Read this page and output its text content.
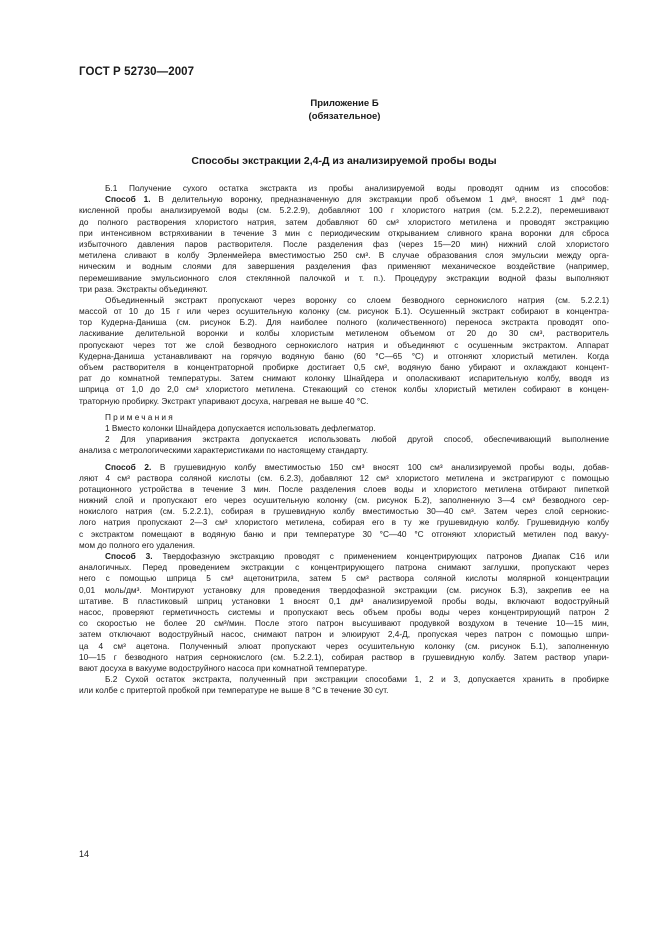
ГОСТ Р 52730—2007
Приложение Б
(обязательное)
Способы экстракции 2,4-Д из анализируемой пробы воды
Б.1 Получение сухого остатка экстракта из пробы анализируемой воды проводят одним из способов:
Способ 1. В делительную воронку, предназначенную для экстракции проб объемом 1 дм³, вносят 1 дм³ под-
кисленной пробы анализируемой воды (см. 5.2.2.9), добавляют 100 г хлористого натрия (см. 5.2.2.2), перемешивают
до полного растворения хлористого натрия, затем добавляют 60 см³ хлористого метилена и проводят экстракцию
при интенсивном встряхивании в течение 3 мин с периодическим открыванием сливного крана воронки для сброса
избыточного давления паров растворителя. После разделения фаз (через 15—20 мин) нижний слой хлористого
метилена сливают в колбу Эрленмейера вместимостью 250 см³. В случае образования слоя эмульсии между орга-
ническим и водным слоями для завершения разделения фаз применяют механическое воздействие (например,
перемешивание эмульсионного слоя стеклянной палочкой и т. п.). Процедуру экстракции водной фазы выполняют
три раза. Экстракты объединяют.
Объединенный экстракт пропускают через воронку со слоем безводного сернокислого натрия (см. 5.2.2.1)
массой от 10 до 15 г или через осушительную колонку (см. рисунок Б.1). Осушенный экстракт собирают в концентра-
тор Кудерна-Даниша (см. рисунок Б.2). Для наиболее полного (количественного) переноса экстракта проводят опо-
ласкивание делительной воронки и колбы хлористым метиленом объемом от 20 до 30 см³, растворитель
пропускают через тот же слой безводного сернокислого натрия и объединяют с осушенным экстрактом. Аппарат
Кудерна-Даниша устанавливают на горячую водяную баню (60 °С—65 °С) и отгоняют хлористый метилен. Когда
объем растворителя в концентраторной пробирке достигает 0,5 см³, водяную баню убирают и охлаждают концент-
рат до комнатной температуры. Затем снимают колонку Шнайдера и ополаскивают испарительную колбу, вводя из
шприца от 1,0 до 2,0 см³ хлористого метилена. Стекающий со стенок колбы хлористый метилен собирают в концен-
траторную пробирку. Экстракт упаривают досуха, нагревая не выше 40 °С.
Примечания
1 Вместо колонки Шнайдера допускается использовать дефлегматор.
2 Для упаривания экстракта допускается использовать любой другой способ, обеспечивающий выполнение
анализа с метрологическими характеристиками по настоящему стандарту.
Способ 2. В грушевидную колбу вместимостью 150 см³ вносят 100 см³ анализируемой пробы воды, добав-
ляют 4 см³ раствора соляной кислоты (см. 6.2.3), добавляют 12 см³ хлористого метилена и экстрагируют с помощью
ротационного устройства в течение 3 мин. После разделения слоев воды и хлористого метилена отбирают пипеткой
нижний слой и пропускают его через осушительную колонку (см. рисунок Б.2), заполненную 3—4 см³ безводного сер-
нокислого натрия (см. 5.2.2.1), собирая в грушевидную колбу вместимостью 30—40 см³. Затем через слой сернокис-
лого натрия пропускают 2—3 см³ хлористого метилена, собирая его в ту же грушевидную колбу. Грушевидную колбу
с экстрактом помещают в водяную баню и при температуре 30 °С—40 °С отгоняют хлористый метилен под вакуу-
мом до полного его удаления.
Способ 3. Твердофазную экстракцию проводят с применением концентрирующих патронов Диапак С16 или
аналогичных. Перед проведением экстракции с концентрирующего патрона снимают заглушки, пропускают через
него с помощью шприца 5 см³ ацетонитрила, затем 5 см³ раствора соляной кислоты молярной концентрации
0,01 моль/дм³. Монтируют установку для проведения твердофазной экстракции (см. рисунок Б.3), закрепив ее на
штативе. В пластиковый шприц установки 1 вносят 0,1 дм³ анализируемой пробы воды, включают водоструйный
насос, проверяют герметичность системы и пропускают весь объем пробы воды через концентрирующий патрон 2
со скоростью не более 20 см³/мин. После этого патрон высушивают продувкой воздухом в течение 10—15 мин,
затем отключают водоструйный насос, снимают патрон и элюируют 2,4-Д, пропуская через патрон с помощью шпри-
ца 4 см³ ацетона. Полученный элюат пропускают через осушительную колонку (см. рисунок Б.1), заполненную
10—15 г безводного натрия сернокислого (см. 5.2.2.1), собирая раствор в грушевидную колбу. Затем раствор упари-
вают досуха в вакууме водоструйного насоса при комнатной температуре.
Б.2 Сухой остаток экстракта, полученный при экстракции способами 1, 2 и 3, допускается хранить в пробирке
или колбе с притертой пробкой при температуре не выше 8 °С в течение 30 сут.
14
